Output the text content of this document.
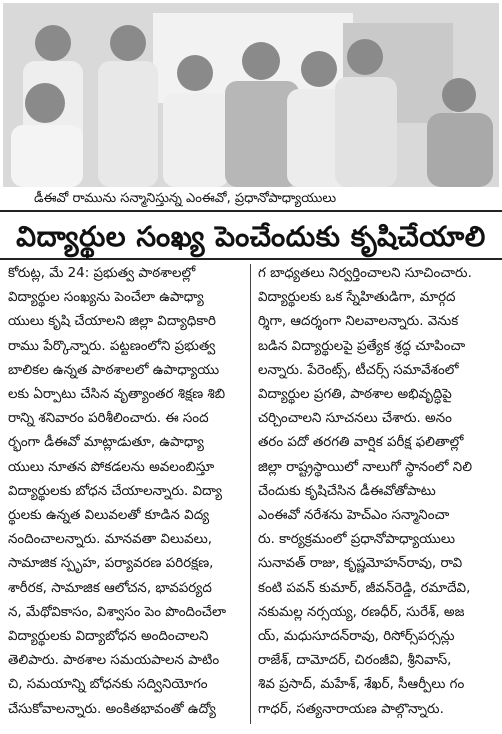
డీఈవో రామును సన్మానిస్తున్న ఎంఈవో, ప్రధానోపాధ్యాయులు
విద్యార్థుల సంఖ్య పెంచేందుకు కృషిచేయాలి
కోరుట్ల, మే 24: ప్రభుత్వ పాఠశాలల్లో
విద్యార్థుల సంఖ్యను పెంచేలా ఉపాధ్యా
యులు కృషి చేయాలని జిల్లా విద్యాధికారి
రాము పేర్కొన్నారు. పట్టణంలోని ప్రభుత్వ
బాలికల ఉన్నత పాఠశాలలో ఉపాధ్యాయు
లకు ఏర్పాటు చేసిన వృత్యాంతర శిక్షణ శిబి
రాన్ని శనివారం పరిశీలించారు. ఈ సంద
ర్భంగా డీఈవో మాట్లాడుతూ, ఉపాధ్యా
యులు నూతన పోకడలను అవలంబిస్తూ
విద్యార్థులకు బోధన చేయాలన్నారు. విద్యా
ర్థులకు ఉన్నత విలువలతో కూడిన విద్య
నందించాలన్నారు. మానవతా విలువలు,
సామాజిక స్పృహ, పర్యావరణ పరిరక్షణ,
శారీరక, సామాజిక ఆలోచన, భావపర్యద
న, మేథోవికాసం, విశ్వాసం పెం పొందించేలా
విద్యార్థులకు విద్యాబోధన అందించాలని
తెలిపారు. పాఠశాల సమయపాలన పాటిం
చి, సమయాన్ని బోధనకు సద్వినియోగం
చేసుకోవాలన్నారు. అంకితభావంతో ఉద్యో
గ బాధ్యతలు నిర్వర్తించాలని సూచించారు.
విద్యార్థులకు ఒక స్నేహితుడిగా, మార్గద
ర్శిగా, ఆదర్శంగా నిలవాలన్నారు. వెనుక
బడిన విద్యార్థులపై ప్రత్యేక శ్రద్ధ చూపించా
లన్నారు. పేరెంట్స్, టీచర్స్ సమావేశంలో
విద్యార్థుల ప్రగతి, పాఠశాల అభివృద్ధిపై
చర్చించాలని సూచనలు చేశారు. అనం
తరం పదో తరగతి వార్షిక పరీక్ష ఫలితాల్లో
జిల్లా రాష్ట్రస్థాయిలో నాలుగో స్థానంలో నిలి
చేందుకు కృషిచేసిన డీఈవోతోపాటు
ఎంఈవో నరేశను హెచ్ఎం సన్మానించా
రు. కార్యక్రమంలో ప్రధానోపాధ్యాయులు
సునావత్ రాజు, కృష్ణమోహన్‌రావు, రావి
కంటి పవన్ కుమార్, జీవన్‌రెడ్డి, రమాదేవి,
నకుమల్ల నర్సయ్య, రణధీర్, సురేశ్, అజ
య్, మధుసూదన్‌రావు, రిసోర్స్‌పర్సన్లు
రాజేశ్, దామోదర్, చిరంజీవి, శ్రీనివాస్,
శివ ప్రసాద్, మహేశ్, శేఖర్, సీఆర్పీలు గం
గాధర్, సత్యనారాయణ పాల్గొన్నారు.
